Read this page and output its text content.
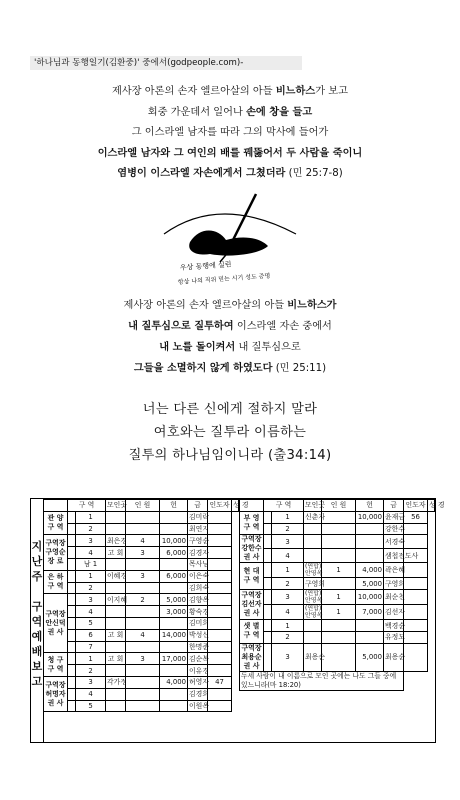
'하나님과 동행일기(김환중)' 중에서(godpeople.com)-
제사장 아론의 손자 엘르아살의 아들 비느하스가 보고
회중 가운데서 일어나 손에 창을 들고
그 이스라엘 남자를 따라 그의 막사에 들어가
이스라엘 남자와 그 여인의 배를 꿰뚫어서 두 사람을 죽이니
염병이 이스라엘 자손에게서 그쳤더라 (민 25:7-8)
우상 동행에 실린
항상 나의 직위 믿는 시기 성도 증명
제사장 아론의 손자 엘르아살의 아들 비느하스가
내 질투심으로 질투하여 이스라엘 자손 중에서
내 노를 돌이켜서 내 질투심으로
그들을 소멸하지 않게 하였도다 (민 25:11)
너는 다른 신에게 절하지 말라
여호와는 질투라 이름하는
질투의 하나님임이니라 (출34:14)
지
난
주
구
역
예
배
보
고
	구 역		모인곳	인 원	헌	금	인도자	성 경
관 양
구 역		1				김미락		
		2				최연지		
구역장
구영순
장 로		3	최은경	4	10,000	구영순		
		4	고 회	3	6,000	김경자		
		남 1				목사님		
은 하
구 역		1	이혜경	3	6,000	이은숙		
		2				김희숙		
구역장
안신덕
권 사		3	이지혜	2	5,000	김향옥		
		4			3,000	황숙경		
		5				김미희		
		6	고 회	4	14,000	박성신		
		7				한명준		
청 구
구 역		1	고 회	3	17,000	김순복		
		2				이유경		
구역장
허명자
권 사		3	각가정		4,000	허영자	47	
		4				김경희		
		5				이원옥		
	구 역		모인곳	인 원	헌	금	인도자	성 경
부 영
구 역		1	신춘자		10,000	윤재금	56	
		2				강한수		
구역장
강한수
권 사		3				서경숙		
		4				샘첩전도사		
현 대
구 역		1	(연합)
안영옥	1	4,000	곽은혜		
		2	구영희		5,000	구영희		
구역장
김선자
권 사		3	(연합)
안영옥	1	10,000	최순천		
		4	(연합)
안영옥	1	7,000	김선자		
샛 별
구 역		1				백경순		
		2				유정모		
구역장
최용순
권 사		3	최용순		5,000	최용순		
두세 사람이 내 이름으로 모인 곳에는 나도 그들 중에 있느니라(마 18:20)								
